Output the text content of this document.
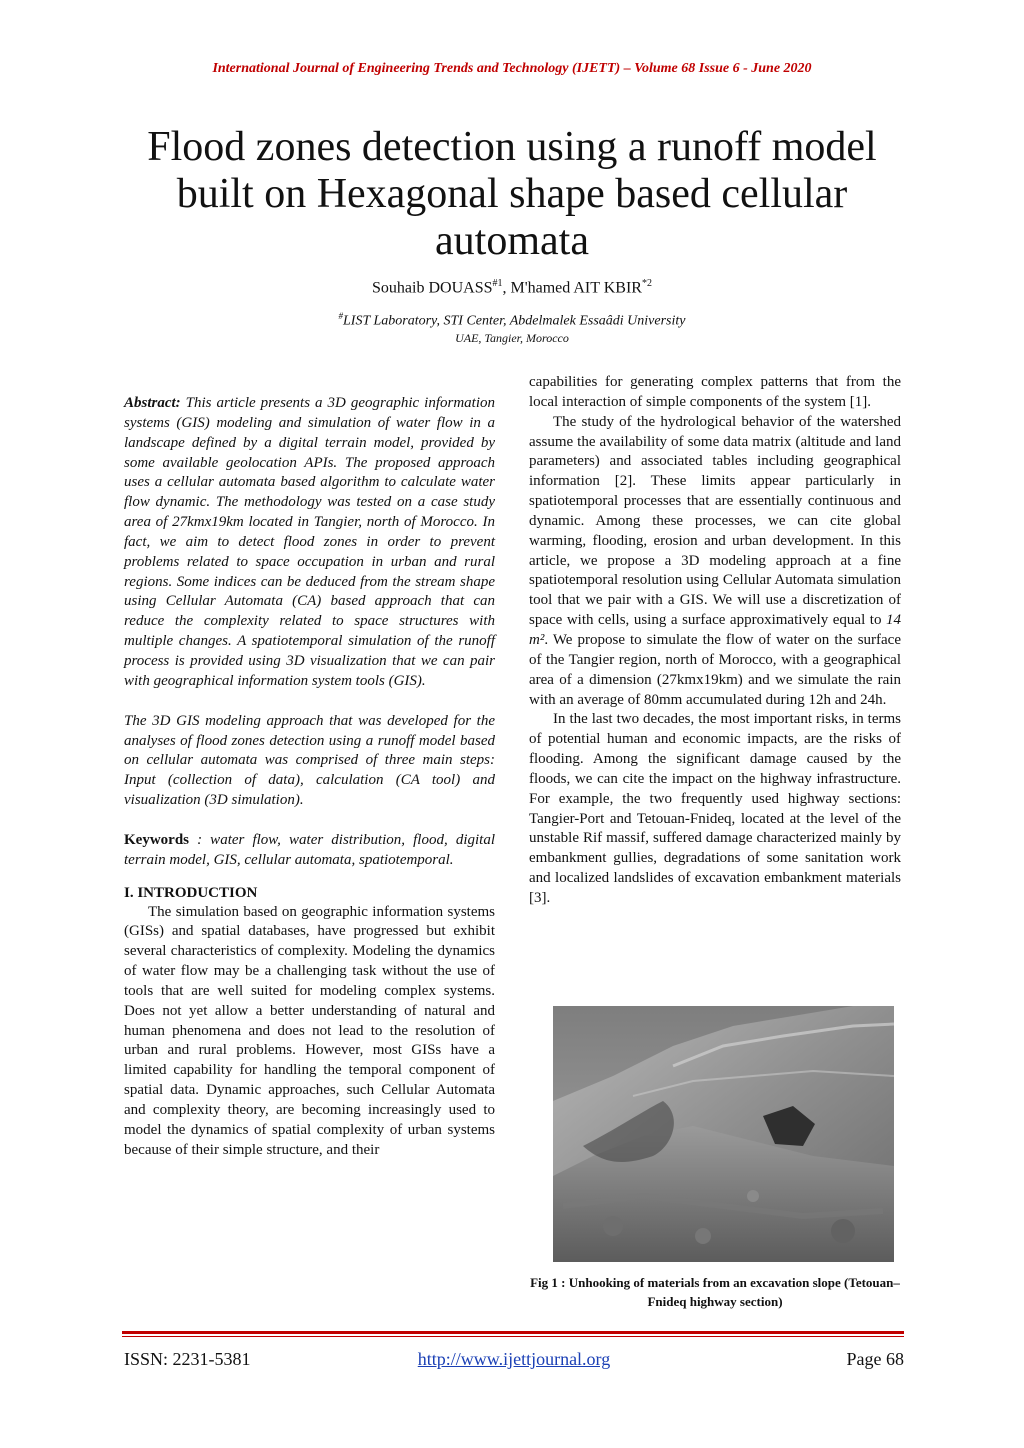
International Journal of Engineering Trends and Technology (IJETT) – Volume 68 Issue 6 - June 2020
Flood zones detection using a runoff model built on Hexagonal shape based cellular automata
Souhaib DOUASS$^{\#1}$, M'hamed AIT KBIR$^{*2}$
#LIST Laboratory, STI Center, Abdelmalek Essaâdi University
UAE, Tangier, Morocco

Abstract: This article presents a 3D geographic information systems (GIS) modeling and simulation of water flow in a landscape defined by a digital terrain model, provided by some available geolocation APIs. The proposed approach uses a cellular automata based algorithm to calculate water flow dynamic. The methodology was tested on a case study area of 27kmx19km located in Tangier, north of Morocco. In fact, we aim to detect flood zones in order to prevent problems related to space occupation in urban and rural regions. Some indices can be deduced from the stream shape using Cellular Automata (CA) based approach that can reduce the complexity related to space structures with multiple changes. A spatiotemporal simulation of the runoff process is provided using 3D visualization that we can pair with geographical information system tools (GIS).

The 3D GIS modeling approach that was developed for the analyses of flood zones detection using a runoff model based on cellular automata was comprised of three main steps: Input (collection of data), calculation (CA tool) and visualization (3D simulation).

Keywords : water flow, water distribution, flood, digital terrain model, GIS, cellular automata, spatiotemporal.

I. INTRODUCTION

The simulation based on geographic information systems (GISs) and spatial databases, have progressed but exhibit several characteristics of complexity. Modeling the dynamics of water flow may be a challenging task without the use of tools that are well suited for modeling complex systems. Does not yet allow a better understanding of natural and human phenomena and does not lead to the resolution of urban and rural problems. However, most GISs have a limited capability for handling the temporal component of spatial data. Dynamic approaches, such Cellular Automata and complexity theory, are becoming increasingly used to model the dynamics of spatial complexity of urban systems because of their simple structure, and their

capabilities for generating complex patterns that from the local interaction of simple components of the system [1].

The study of the hydrological behavior of the watershed assume the availability of some data matrix (altitude and land parameters) and associated tables including geographical information [2]. These limits appear particularly in spatiotemporal processes that are essentially continuous and dynamic. Among these processes, we can cite global warming, flooding, erosion and urban development. In this article, we propose a 3D modeling approach at a fine spatiotemporal resolution using Cellular Automata simulation tool that we pair with a GIS. We will use a discretization of space with cells, using a surface approximatively equal to 14 m². We propose to simulate the flow of water on the surface of the Tangier region, north of Morocco, with a geographical area of a dimension (27kmx19km) and we simulate the rain with an average of 80mm accumulated during 12h and 24h.

In the last two decades, the most important risks, in terms of potential human and economic impacts, are the risks of flooding. Among the significant damage caused by the floods, we can cite the impact on the highway infrastructure. For example, the two frequently used highway sections: Tangier-Port and Tetouan-Fnideq, located at the level of the unstable Rif massif, suffered damage characterized mainly by embankment gullies, degradations of some sanitation work and localized landslides of excavation embankment materials [3].

Fig 1 : Unhooking of materials from an excavation slope (Tetouan–Fnideq highway section)
ISSN: 2231-5381	http://www.ijettjournal.org	Page 68
